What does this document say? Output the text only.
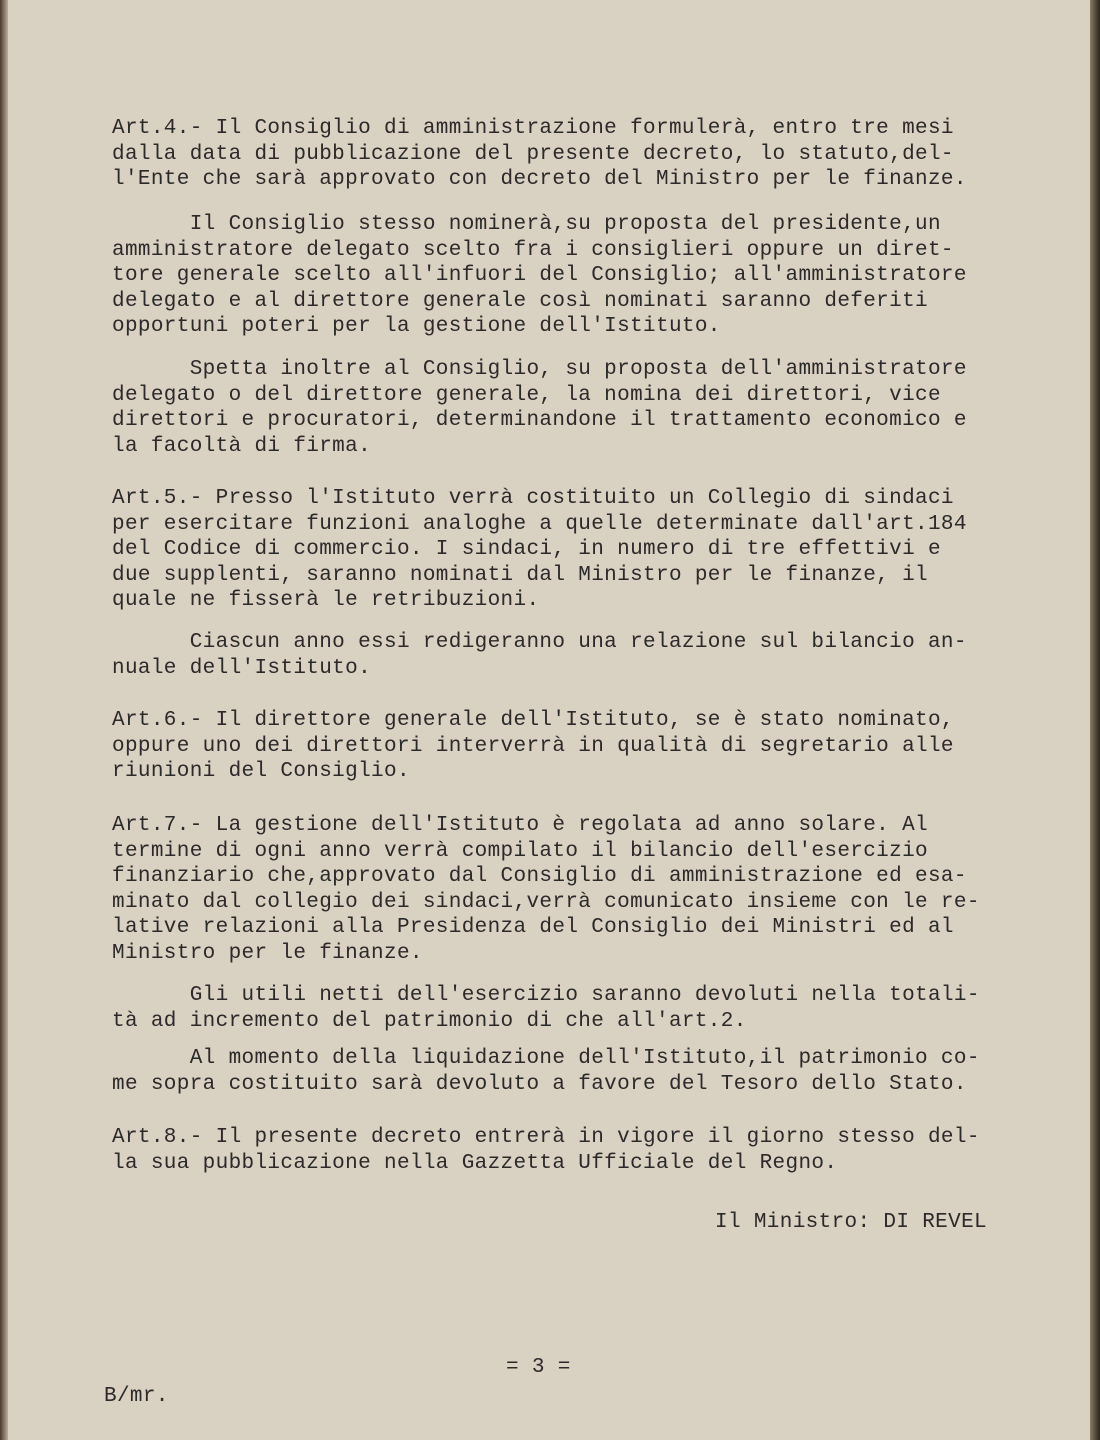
Art.4.- Il Consiglio di amministrazione formulerà, entro tre mesi
dalla data di pubblicazione del presente decreto, lo statuto,del-
l'Ente che sarà approvato con decreto del Ministro per le finanze.
Il Consiglio stesso nominerà,su proposta del presidente,un
amministratore delegato scelto fra i consiglieri oppure un diret-
tore generale scelto all'infuori del Consiglio; all'amministratore
delegato e al direttore generale così nominati saranno deferiti
opportuni poteri per la gestione dell'Istituto.
Spetta inoltre al Consiglio, su proposta dell'amministratore
delegato o del direttore generale, la nomina dei direttori, vice
direttori e procuratori, determinandone il trattamento economico e
la facoltà di firma.
Art.5.- Presso l'Istituto verrà costituito un Collegio di sindaci
per esercitare funzioni analoghe a quelle determinate dall'art.184
del Codice di commercio. I sindaci, in numero di tre effettivi e
due supplenti, saranno nominati dal Ministro per le finanze, il
quale ne fisserà le retribuzioni.
Ciascun anno essi redigeranno una relazione sul bilancio an-
nuale dell'Istituto.
Art.6.- Il direttore generale dell'Istituto, se è stato nominato,
oppure uno dei direttori interverrà in qualità di segretario alle
riunioni del Consiglio.
Art.7.- La gestione dell'Istituto è regolata ad anno solare. Al
termine di ogni anno verrà compilato il bilancio dell'esercizio
finanziario che,approvato dal Consiglio di amministrazione ed esa-
minato dal collegio dei sindaci,verrà comunicato insieme con le re-
lative relazioni alla Presidenza del Consiglio dei Ministri ed al
Ministro per le finanze.
Gli utili netti dell'esercizio saranno devoluti nella totali-
tà ad incremento del patrimonio di che all'art.2.
Al momento della liquidazione dell'Istituto,il patrimonio co-
me sopra costituito sarà devoluto a favore del Tesoro dello Stato.
Art.8.- Il presente decreto entrerà in vigore il giorno stesso del-
la sua pubblicazione nella Gazzetta Ufficiale del Regno.
Il Ministro: DI REVEL
= 3 =
B/mr.
